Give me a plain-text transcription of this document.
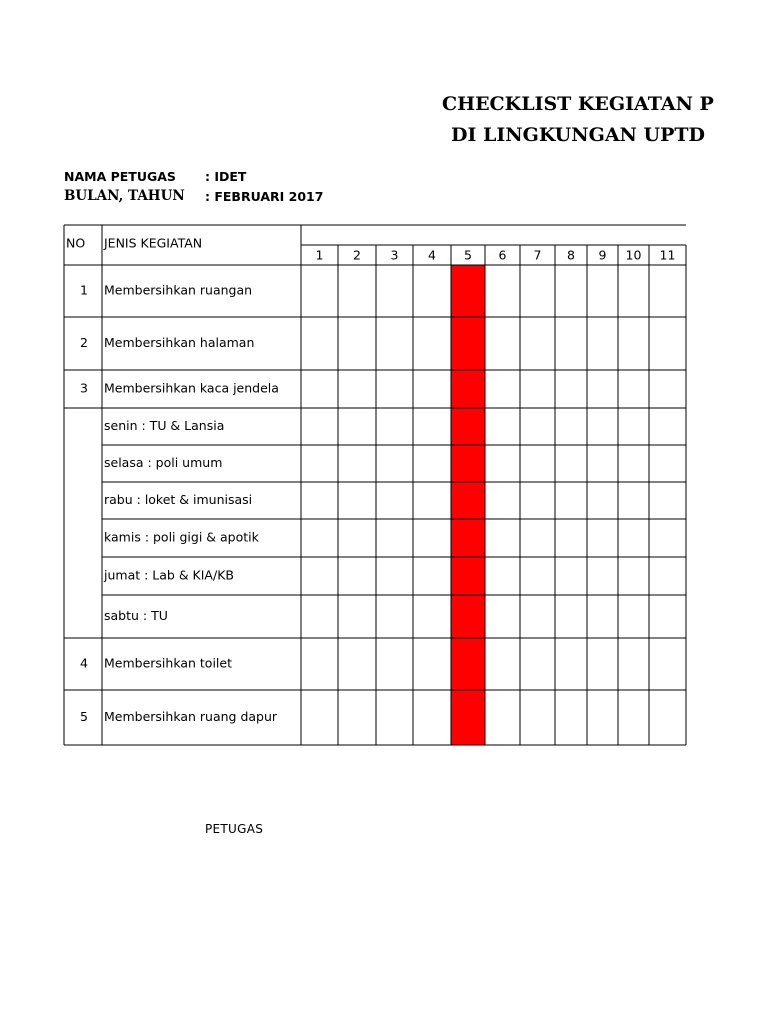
CHECKLIST KEGIATAN P
DI LINGKUNGAN UPTD
NAMA PETUGAS : IDET
BULAN, TAHUN : FEBRUARI 2017
NO JENIS KEGIATAN
1 2 3 4 5 6 7 8 9 10 11
1 Membersihkan ruangan
2 Membersihkan halaman
3 Membersihkan kaca jendela
senin : TU & Lansia
selasa : poli umum
rabu : loket & imunisasi
kamis : poli gigi & apotik
jumat : Lab & KIA/KB
sabtu : TU
4 Membersihkan toilet
5 Membersihkan ruang dapur
PETUGAS
